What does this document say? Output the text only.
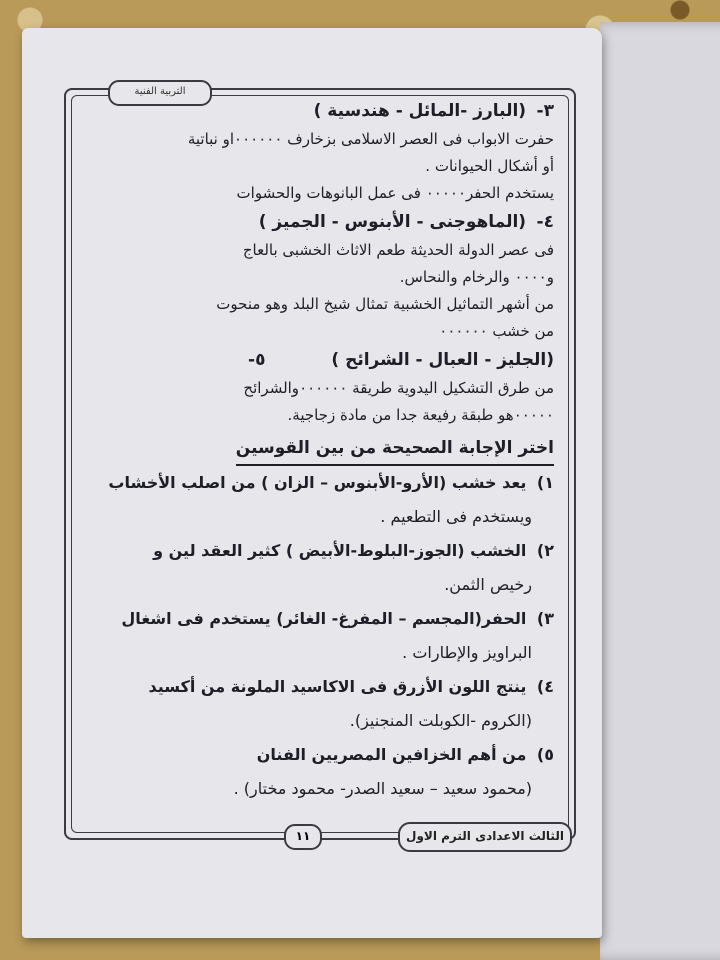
التربية الفنية
٣- (البارز -المائل - هندسية )
حفرت الابواب فى العصر الاسلامى بزخارف ٠٠٠٠٠٠او نباتية
أو أشكال الحيوانات .
يستخدم الحفر٠٠٠٠٠ فى عمل البانوهات والحشوات
٤- (الماهوجنى - الأبنوس - الجميز )
فى عصر الدولة الحديثة طعم الاثاث الخشبى بالعاج
و٠٠٠٠ والرخام والنحاس.
من أشهر التماثيل الخشبية تمثال شيخ البلد وهو منحوت
من خشب ٠٠٠٠٠٠
(الجليز - العبال - الشرائح ) ٥-
من طرق التشكيل اليدوية طريقة ٠٠٠٠٠٠والشرائح
٠٠٠٠٠هو طبقة رفيعة جدا من مادة زجاجية.
اختر الإجابة الصحيحة من بين القوسين
١) يعد خشب (الأرو-الأبنوس – الزان ) من اصلب الأخشاب
ويستخدم فى التطعيم .
٢) الخشب (الجوز-البلوط-الأبيض ) كثير العقد لين و
رخيص الثمن.
٣) الحفر(المجسم – المفرغ- الغائر) يستخدم فى اشغال
البراويز والإطارات .
٤) ينتج اللون الأزرق فى الاكاسيد الملونة من أكسيد
(الكروم -الكوبلت المنجنيز).
٥) من أهم الخزافين المصريين الفنان
(محمود سعيد – سعيد الصدر- محمود مختار) .
١١	الثالث الاعدادى الترم الاول
